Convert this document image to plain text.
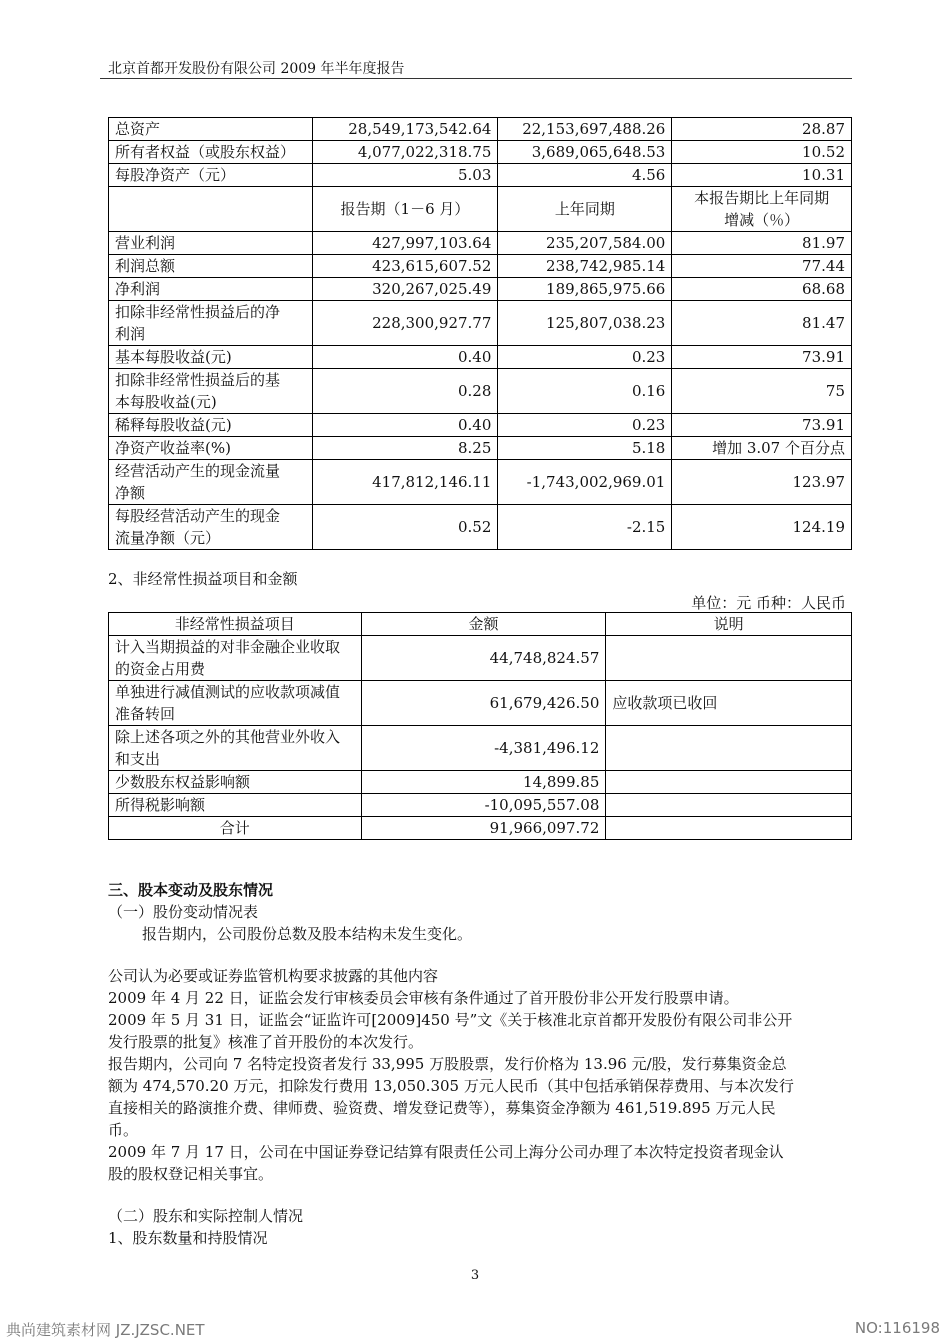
北京首都开发股份有限公司 2009 年半年度报告
总资产	28,549,173,542.64	22,153,697,488.26	28.87
所有者权益（或股东权益）	4,077,022,318.75	3,689,065,648.53	10.52
每股净资产（元）	5.03	4.56	10.31
	报告期（1－6 月）	上年同期	本报告期比上年同期
增减（％）
营业利润	427,997,103.64	235,207,584.00	81.97
利润总额	423,615,607.52	238,742,985.14	77.44
净利润	320,267,025.49	189,865,975.66	68.68
扣除非经常性损益后的净
利润	228,300,927.77	125,807,038.23	81.47
基本每股收益(元)	0.40	0.23	73.91
扣除非经常性损益后的基
本每股收益(元)	0.28	0.16	75
稀释每股收益(元)	0.40	0.23	73.91
净资产收益率(%)	8.25	5.18	增加 3.07 个百分点
经营活动产生的现金流量
净额	417,812,146.11	-1,743,002,969.01	123.97
每股经营活动产生的现金
流量净额（元）	0.52	-2.15	124.19
2、非经常性损益项目和金额
单位：元 币种：人民币
非经常性损益项目	金额	说明
计入当期损益的对非金融企业收取
的资金占用费	44,748,824.57	
单独进行减值测试的应收款项减值
准备转回	61,679,426.50	应收款项已收回
除上述各项之外的其他营业外收入
和支出	-4,381,496.12	
少数股东权益影响额	14,899.85	
所得税影响额	-10,095,557.08	
合计	91,966,097.72	
三、股本变动及股东情况
（一）股份变动情况表
报告期内，公司股份总数及股本结构未发生变化。
公司认为必要或证券监管机构要求披露的其他内容
2009 年 4 月 22 日，证监会发行审核委员会审核有条件通过了首开股份非公开发行股票申请。
2009 年 5 月 31 日，证监会“证监许可[2009]450 号”文《关于核准北京首都开发股份有限公司非公开
发行股票的批复》核准了首开股份的本次发行。
报告期内，公司向 7 名特定投资者发行 33,995 万股股票，发行价格为 13.96 元/股，发行募集资金总
额为 474,570.20 万元，扣除发行费用 13,050.305 万元人民币（其中包括承销保荐费用、与本次发行
直接相关的路演推介费、律师费、验资费、增发登记费等），募集资金净额为 461,519.895 万元人民
币。
2009 年 7 月 17 日，公司在中国证券登记结算有限责任公司上海分公司办理了本次特定投资者现金认
股的股权登记相关事宜。
（二）股东和实际控制人情况
1、股东数量和持股情况
3
典尚建筑素材网 JZ.JZSC.NET	NO:116198
